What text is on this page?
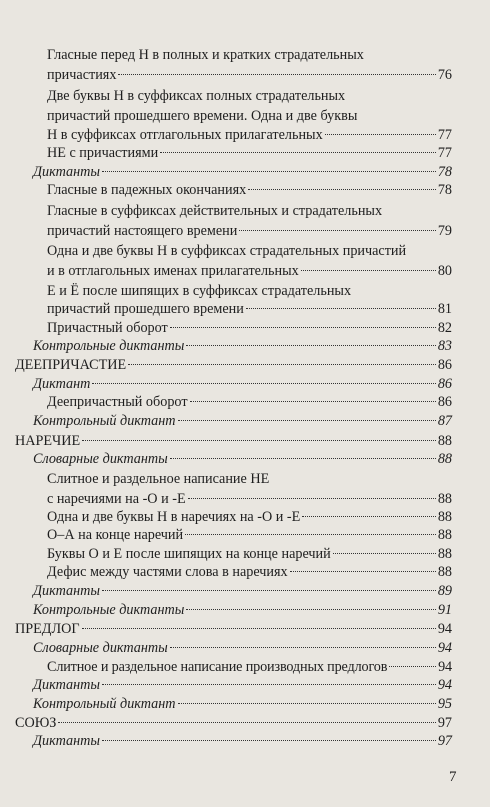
Гласные перед Н в полных и кратких страдательных
причастиях	76
Две буквы Н в суффиксах полных страдательных
причастий прошедшего времени. Одна и две буквы
Н в суффиксах отглагольных прилагательных	77
НЕ с причастиями	77
Диктанты	78
Гласные в падежных окончаниях	78
Гласные в суффиксах действительных и страдательных
причастий настоящего времени	79
Одна и две буквы Н в суффиксах страдательных причастий
и в отглагольных именах прилагательных	80
Е и Ё после шипящих в суффиксах страдательных
причастий прошедшего времени	81
Причастный оборот	82
Контрольные диктанты	83
ДЕЕПРИЧАСТИЕ	86
Диктант	86
Деепричастный оборот	86
Контрольный диктант	87
НАРЕЧИЕ	88
Словарные диктанты	88
Слитное и раздельное написание НЕ
с наречиями на -О и -Е	88
Одна и две буквы Н в наречиях на -О и -Е	88
О–А на конце наречий	88
Буквы О и Е после шипящих на конце наречий	88
Дефис между частями слова в наречиях	88
Диктанты	89
Контрольные диктанты	91
ПРЕДЛОГ	94
Словарные диктанты	94
Слитное и раздельное написание производных предлогов	94
Диктанты	94
Контрольный диктант	95
СОЮЗ	97
Диктанты	97
7
